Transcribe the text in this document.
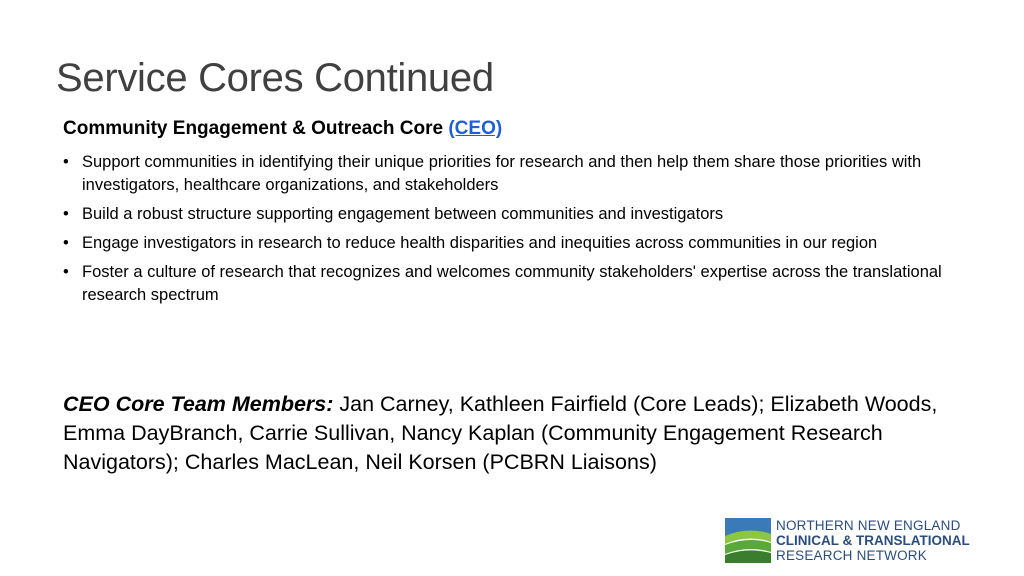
Service Cores Continued
Community Engagement & Outreach Core (CEO)
• Support communities in identifying their unique priorities for research and then help them share those priorities with investigators, healthcare organizations, and stakeholders
• Build a robust structure supporting engagement between communities and investigators
• Engage investigators in research to reduce health disparities and inequities across communities in our region
• Foster a culture of research that recognizes and welcomes community stakeholders' expertise across the translational research spectrum
CEO Core Team Members: Jan Carney, Kathleen Fairfield (Core Leads); Elizabeth Woods, Emma DayBranch, Carrie Sullivan, Nancy Kaplan (Community Engagement Research Navigators); Charles MacLean, Neil Korsen (PCBRN Liaisons)
NORTHERN NEW ENGLAND
CLINICAL & TRANSLATIONAL
RESEARCH NETWORK
